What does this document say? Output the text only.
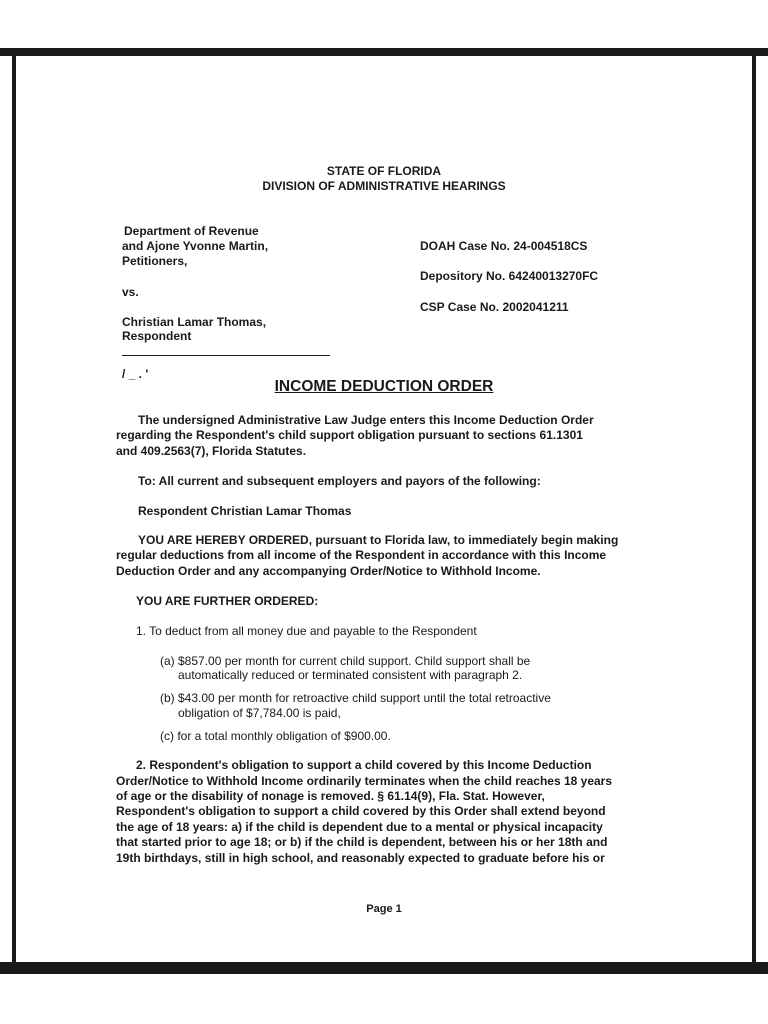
STATE OF FLORIDA
DIVISION OF ADMINISTRATIVE HEARINGS
Department of Revenue
and Ajone Yvonne Martin,
Petitioners,
vs.
Christian Lamar Thomas,
Respondent
/ _ . '
DOAH Case No. 24-004518CS
Depository No. 64240013270FC
CSP Case No. 2002041211
INCOME DEDUCTION ORDER
The undersigned Administrative Law Judge enters this Income Deduction Order
regarding the Respondent's child support obligation pursuant to sections 61.1301
and 409.2563(7), Florida Statutes.
To: All current and subsequent employers and payors of the following:
Respondent Christian Lamar Thomas
YOU ARE HEREBY ORDERED, pursuant to Florida law, to immediately begin making
regular deductions from all income of the Respondent in accordance with this Income
Deduction Order and any accompanying Order/Notice to Withhold Income.
YOU ARE FURTHER ORDERED:
1. To deduct from all money due and payable to the Respondent
(a) $857.00 per month for current child support. Child support shall be
automatically reduced or terminated consistent with paragraph 2.
(b) $43.00 per month for retroactive child support until the total retroactive
obligation of $7,784.00 is paid,
(c) for a total monthly obligation of $900.00.
2. Respondent's obligation to support a child covered by this Income Deduction
Order/Notice to Withhold Income ordinarily terminates when the child reaches 18 years
of age or the disability of nonage is removed. § 61.14(9), Fla. Stat. However,
Respondent's obligation to support a child covered by this Order shall extend beyond
the age of 18 years: a) if the child is dependent due to a mental or physical incapacity
that started prior to age 18; or b) if the child is dependent, between his or her 18th and
19th birthdays, still in high school, and reasonably expected to graduate before his or
Page 1
